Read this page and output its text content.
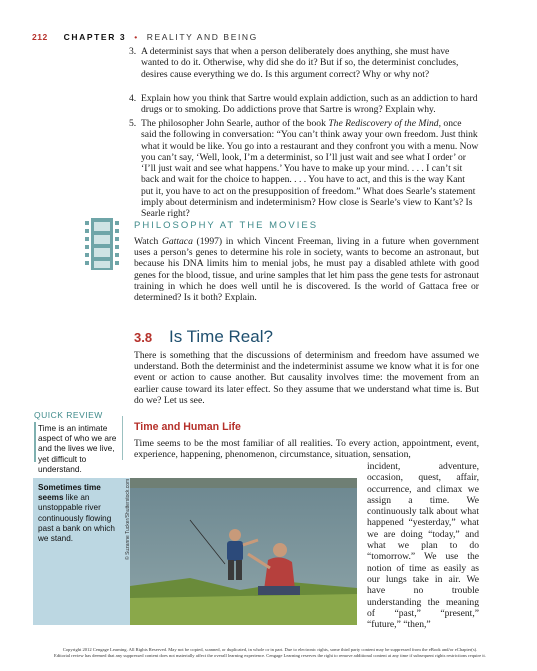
212 CHAPTER 3 • REALITY AND BEING
3. A determinist says that when a person deliberately does anything, she must have wanted to do it. Otherwise, why did she do it? But if so, the determinist concludes, desires cause everything we do. Is this argument correct? Why or why not?
4. Explain how you think that Sartre would explain addiction, such as an addiction to hard drugs or to smoking. Do addictions prove that Sartre is wrong? Explain why.
5. The philosopher John Searle, author of the book The Rediscovery of the Mind, once said the following in conversation: “You can’t think away your own freedom. Just think what it would be like. You go into a restaurant and they confront you with a menu. Now you can’t say, ‘Well, look, I’m a determinist, so I’ll just wait and see what I order’ or ‘I’ll just wait and see what happens.’ You have to make up your mind. . . . I can’t sit back and wait for the choice to happen. . . . You have to act, and this is the way Kant put it, you have to act on the presupposition of freedom.” What does Searle’s statement imply about determinism and indeterminism? How close is Searle’s view to Kant’s? Is Searle right?
PHILOSOPHY AT THE MOVIES
Watch Gattaca (1997) in which Vincent Freeman, living in a future when government uses a person’s genes to determine his role in society, wants to become an astronaut, but because his DNA limits him to menial jobs, he must pay a disabled athlete with good genes for the blood, tissue, and urine samples that let him pass the gene tests for astronaut training in which he does well until he is discovered. Is the world of Gattaca free or determined? Is it both? Explain.
3.8 Is Time Real?
There is something that the discussions of determinism and freedom have assumed we understand. Both the determinist and the indeterminist assume we know what it is for one event or action to cause another. But causality involves time: the movement from an earlier cause toward its later effect. So they assume that we understand what time is. But do we? Let us see.
QUICK REVIEW
Time is an intimate aspect of who we are and the lives we live, yet difficult to understand.
Time and Human Life
Time seems to be the most familiar of all realities. To every action, appointment, event, experience, happening, phenomenon, circumstance, situation, sensation,
Sometimes time seems like an unstoppable river continuously flowing past a bank on which we stand.	© Suzanne Tucker/Shutterstock.com
incident, adventure, occasion, quest, affair, occurrence, and climax we assign a time. We continuously talk about what happened “yesterday,” what we are doing “today,” and what we plan to do “tomorrow.” We use the notion of time as easily as our lungs take in air. We have no trouble understanding the meaning of “past,” “present,” “future,” “then,”
Copyright 2012 Cengage Learning. All Rights Reserved. May not be copied, scanned, or duplicated, in whole or in part. Due to electronic rights, some third party content may be suppressed from the eBook and/or eChapter(s).
Editorial review has deemed that any suppressed content does not materially affect the overall learning experience. Cengage Learning reserves the right to remove additional content at any time if subsequent rights restrictions require it.
